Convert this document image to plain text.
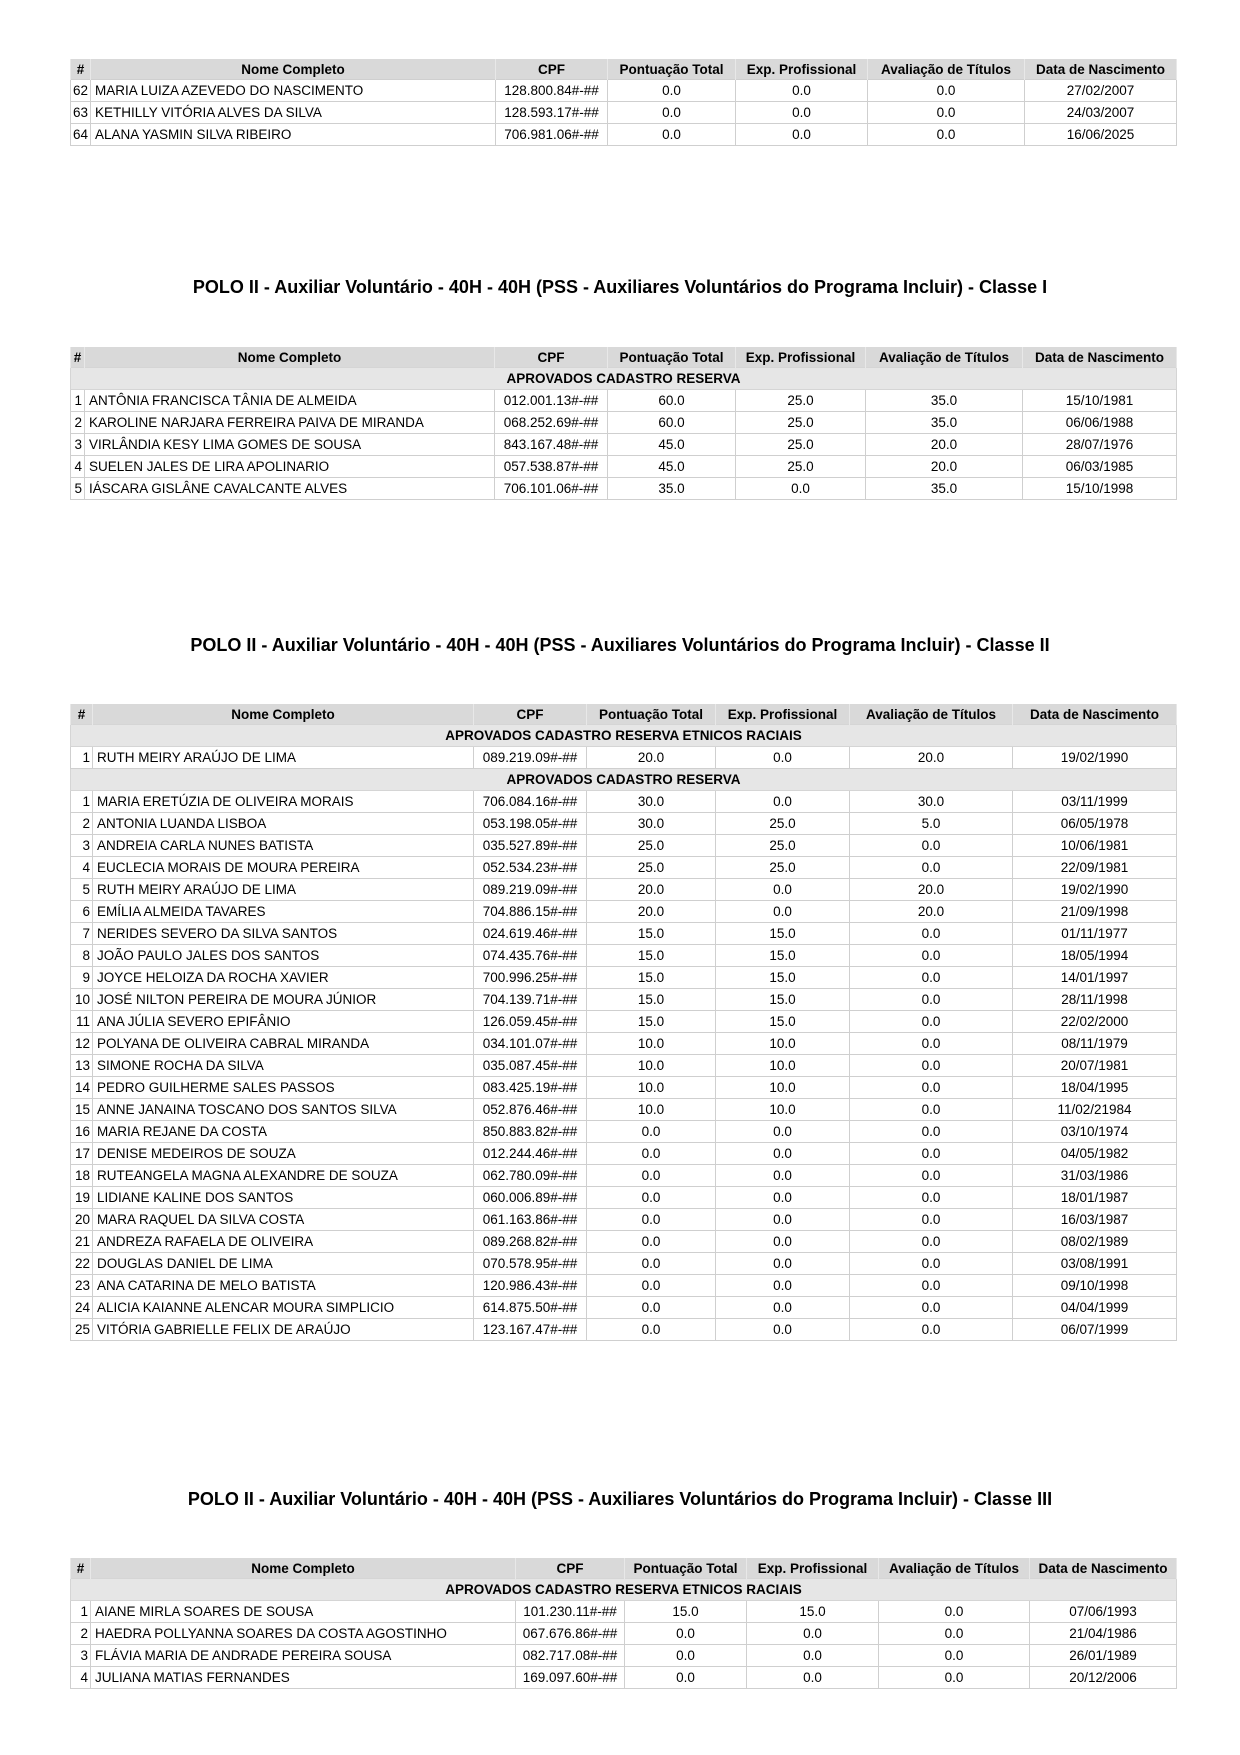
#	Nome Completo	CPF	Pontuação Total	Exp. Profissional	Avaliação de Títulos	Data de Nascimento
62	MARIA LUIZA AZEVEDO DO NASCIMENTO	128.800.84#-##	0.0	0.0	0.0	27/02/2007
63	KETHILLY VITÓRIA ALVES DA SILVA	128.593.17#-##	0.0	0.0	0.0	24/03/2007
64	ALANA YASMIN SILVA RIBEIRO	706.981.06#-##	0.0	0.0	0.0	16/06/2025
POLO II - Auxiliar Voluntário - 40H - 40H (PSS - Auxiliares Voluntários do Programa Incluir) - Classe I
#	Nome Completo	CPF	Pontuação Total	Exp. Profissional	Avaliação de Títulos	Data de Nascimento
APROVADOS CADASTRO RESERVA						
1	ANTÔNIA FRANCISCA TÂNIA DE ALMEIDA	012.001.13#-##	60.0	25.0	35.0	15/10/1981
2	KAROLINE NARJARA FERREIRA PAIVA DE MIRANDA	068.252.69#-##	60.0	25.0	35.0	06/06/1988
3	VIRLÂNDIA KESY LIMA GOMES DE SOUSA	843.167.48#-##	45.0	25.0	20.0	28/07/1976
4	SUELEN JALES DE LIRA APOLINARIO	057.538.87#-##	45.0	25.0	20.0	06/03/1985
5	IÁSCARA GISLÂNE CAVALCANTE ALVES	706.101.06#-##	35.0	0.0	35.0	15/10/1998
POLO II - Auxiliar Voluntário - 40H - 40H (PSS - Auxiliares Voluntários do Programa Incluir) - Classe II
#	Nome Completo	CPF	Pontuação Total	Exp. Profissional	Avaliação de Títulos	Data de Nascimento
APROVADOS CADASTRO RESERVA ETNICOS RACIAIS						
1	RUTH MEIRY ARAÚJO DE LIMA	089.219.09#-##	20.0	0.0	20.0	19/02/1990
APROVADOS CADASTRO RESERVA						
1	MARIA ERETÚZIA DE OLIVEIRA MORAIS	706.084.16#-##	30.0	0.0	30.0	03/11/1999
2	ANTONIA LUANDA LISBOA	053.198.05#-##	30.0	25.0	5.0	06/05/1978
3	ANDREIA CARLA NUNES BATISTA	035.527.89#-##	25.0	25.0	0.0	10/06/1981
4	EUCLECIA MORAIS DE MOURA PEREIRA	052.534.23#-##	25.0	25.0	0.0	22/09/1981
5	RUTH MEIRY ARAÚJO DE LIMA	089.219.09#-##	20.0	0.0	20.0	19/02/1990
6	EMÍLIA ALMEIDA TAVARES	704.886.15#-##	20.0	0.0	20.0	21/09/1998
7	NERIDES SEVERO DA SILVA SANTOS	024.619.46#-##	15.0	15.0	0.0	01/11/1977
8	JOÃO PAULO JALES DOS SANTOS	074.435.76#-##	15.0	15.0	0.0	18/05/1994
9	JOYCE HELOIZA DA ROCHA XAVIER	700.996.25#-##	15.0	15.0	0.0	14/01/1997
10	JOSÉ NILTON PEREIRA DE MOURA JÚNIOR	704.139.71#-##	15.0	15.0	0.0	28/11/1998
11	ANA JÚLIA SEVERO EPIFÂNIO	126.059.45#-##	15.0	15.0	0.0	22/02/2000
12	POLYANA DE OLIVEIRA CABRAL MIRANDA	034.101.07#-##	10.0	10.0	0.0	08/11/1979
13	SIMONE ROCHA DA SILVA	035.087.45#-##	10.0	10.0	0.0	20/07/1981
14	PEDRO GUILHERME SALES PASSOS	083.425.19#-##	10.0	10.0	0.0	18/04/1995
15	ANNE JANAINA TOSCANO DOS SANTOS SILVA	052.876.46#-##	10.0	10.0	0.0	11/02/21984
16	MARIA REJANE DA COSTA	850.883.82#-##	0.0	0.0	0.0	03/10/1974
17	DENISE MEDEIROS DE SOUZA	012.244.46#-##	0.0	0.0	0.0	04/05/1982
18	RUTEANGELA MAGNA ALEXANDRE DE SOUZA	062.780.09#-##	0.0	0.0	0.0	31/03/1986
19	LIDIANE KALINE DOS SANTOS	060.006.89#-##	0.0	0.0	0.0	18/01/1987
20	MARA RAQUEL DA SILVA COSTA	061.163.86#-##	0.0	0.0	0.0	16/03/1987
21	ANDREZA RAFAELA DE OLIVEIRA	089.268.82#-##	0.0	0.0	0.0	08/02/1989
22	DOUGLAS DANIEL DE LIMA	070.578.95#-##	0.0	0.0	0.0	03/08/1991
23	ANA CATARINA DE MELO BATISTA	120.986.43#-##	0.0	0.0	0.0	09/10/1998
24	ALICIA KAIANNE ALENCAR MOURA SIMPLICIO	614.875.50#-##	0.0	0.0	0.0	04/04/1999
25	VITÓRIA GABRIELLE FELIX DE ARAÚJO	123.167.47#-##	0.0	0.0	0.0	06/07/1999
POLO II - Auxiliar Voluntário - 40H - 40H (PSS - Auxiliares Voluntários do Programa Incluir) - Classe III
#	Nome Completo	CPF	Pontuação Total	Exp. Profissional	Avaliação de Títulos	Data de Nascimento
APROVADOS CADASTRO RESERVA ETNICOS RACIAIS						
1	AIANE MIRLA SOARES DE SOUSA	101.230.11#-##	15.0	15.0	0.0	07/06/1993
2	HAEDRA POLLYANNA SOARES DA COSTA AGOSTINHO	067.676.86#-##	0.0	0.0	0.0	21/04/1986
3	FLÁVIA MARIA DE ANDRADE PEREIRA SOUSA	082.717.08#-##	0.0	0.0	0.0	26/01/1989
4	JULIANA MATIAS FERNANDES	169.097.60#-##	0.0	0.0	0.0	20/12/2006
